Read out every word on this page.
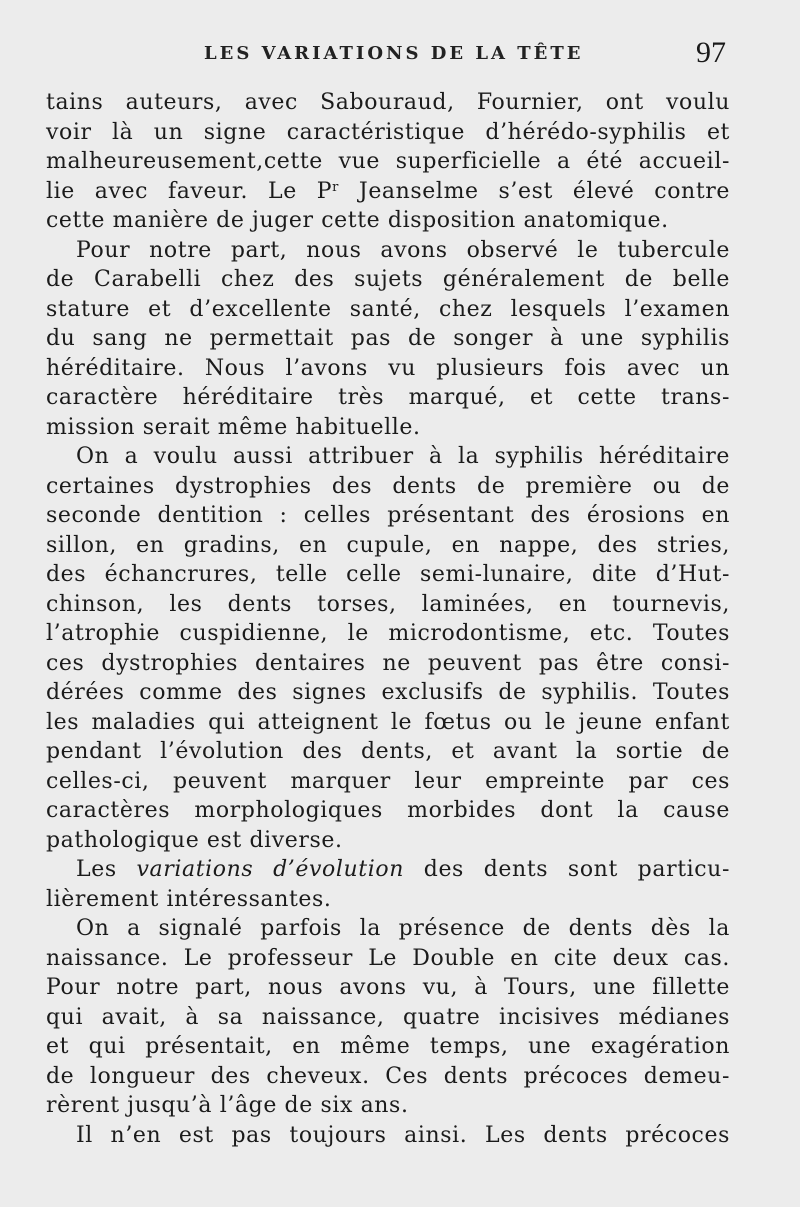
LES VARIATIONS DE LA TÊTE	97
tains auteurs, avec Sabouraud, Fournier, ont voulu
voir là un signe caractéristique d’hérédo-syphilis et
malheureusement,cette vue superficielle a été accueil-
lie avec faveur. Le $P^r$ Jeanselme s’est élevé contre
cette manière de juger cette disposition anatomique.
Pour notre part, nous avons observé le tubercule
de Carabelli chez des sujets généralement de belle
stature et d’excellente santé, chez lesquels l’examen
du sang ne permettait pas de songer à une syphilis
héréditaire. Nous l’avons vu plusieurs fois avec un
caractère héréditaire très marqué, et cette trans-
mission serait même habituelle.
On a voulu aussi attribuer à la syphilis héréditaire
certaines dystrophies des dents de première ou de
seconde dentition : celles présentant des érosions en
sillon, en gradins, en cupule, en nappe, des stries,
des échancrures, telle celle semi-lunaire, dite d’Hut-
chinson, les dents torses, laminées, en tournevis,
l’atrophie cuspidienne, le microdontisme, etc. Toutes
ces dystrophies dentaires ne peuvent pas être consi-
dérées comme des signes exclusifs de syphilis. Toutes
les maladies qui atteignent le fœtus ou le jeune enfant
pendant l’évolution des dents, et avant la sortie de
celles-ci, peuvent marquer leur empreinte par ces
caractères morphologiques morbides dont la cause
pathologique est diverse.
Les variations d’évolution des dents sont particu-
lièrement intéressantes.
On a signalé parfois la présence de dents dès la
naissance. Le professeur Le Double en cite deux cas.
Pour notre part, nous avons vu, à Tours, une fillette
qui avait, à sa naissance, quatre incisives médianes
et qui présentait, en même temps, une exagération
de longueur des cheveux. Ces dents précoces demeu-
rèrent jusqu’à l’âge de six ans.
Il n’en est pas toujours ainsi. Les dents précoces
